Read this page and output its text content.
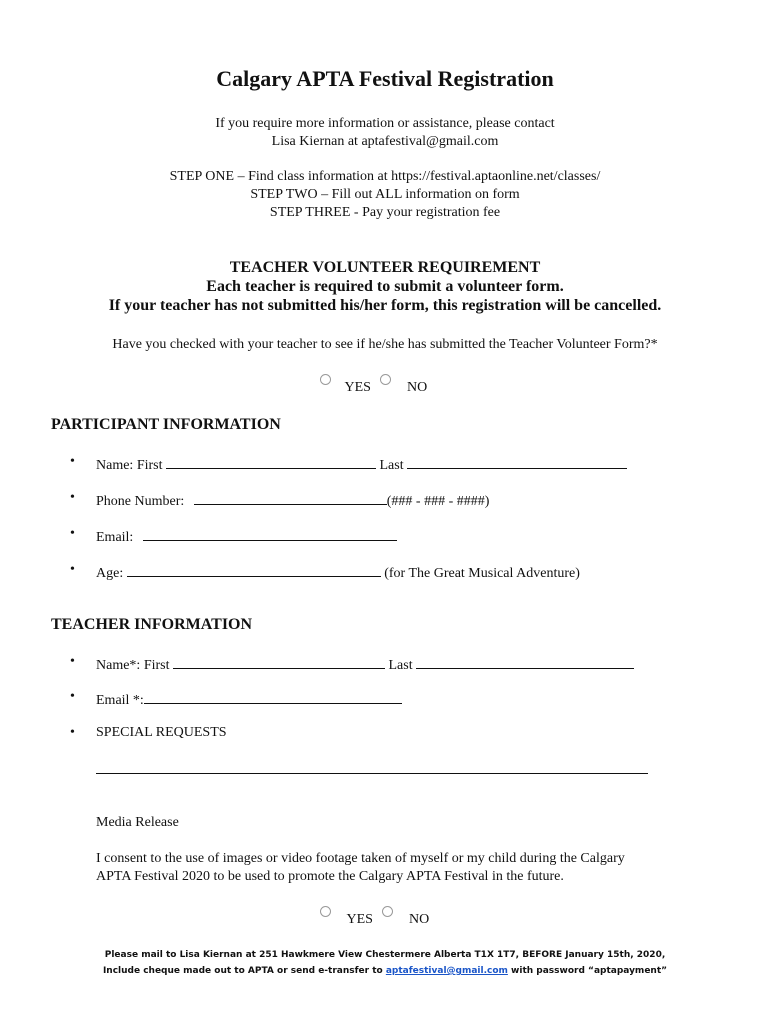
Calgary APTA Festival Registration
If you require more information or assistance, please contact
Lisa Kiernan at aptafestival@gmail.com
STEP ONE – Find class information at https://festival.aptaonline.net/classes/
STEP TWO – Fill out ALL information on form
STEP THREE - Pay your registration fee
TEACHER VOLUNTEER REQUIREMENT
Each teacher is required to submit a volunteer form.
If your teacher has not submitted his/her form, this registration will be cancelled.
Have you checked with your teacher to see if he/she has submitted the Teacher Volunteer Form?*
YES	NO
PARTICIPANT INFORMATION
• Name: First	Last
• Phone Number:	(### - ### - ####)
• Email:
• Age:	(for The Great Musical Adventure)
TEACHER INFORMATION
• Name*: First	Last
• Email *:
• SPECIAL REQUESTS
Media Release
I consent to the use of images or video footage taken of myself or my child during the Calgary
APTA Festival 2020 to be used to promote the Calgary APTA Festival in the future.
YES	NO
Please mail to Lisa Kiernan at 251 Hawkmere View Chestermere Alberta T1X 1T7, BEFORE January 15th, 2020,
Include cheque made out to APTA or send e-transfer to aptafestival@gmail.com with password “aptapayment”
